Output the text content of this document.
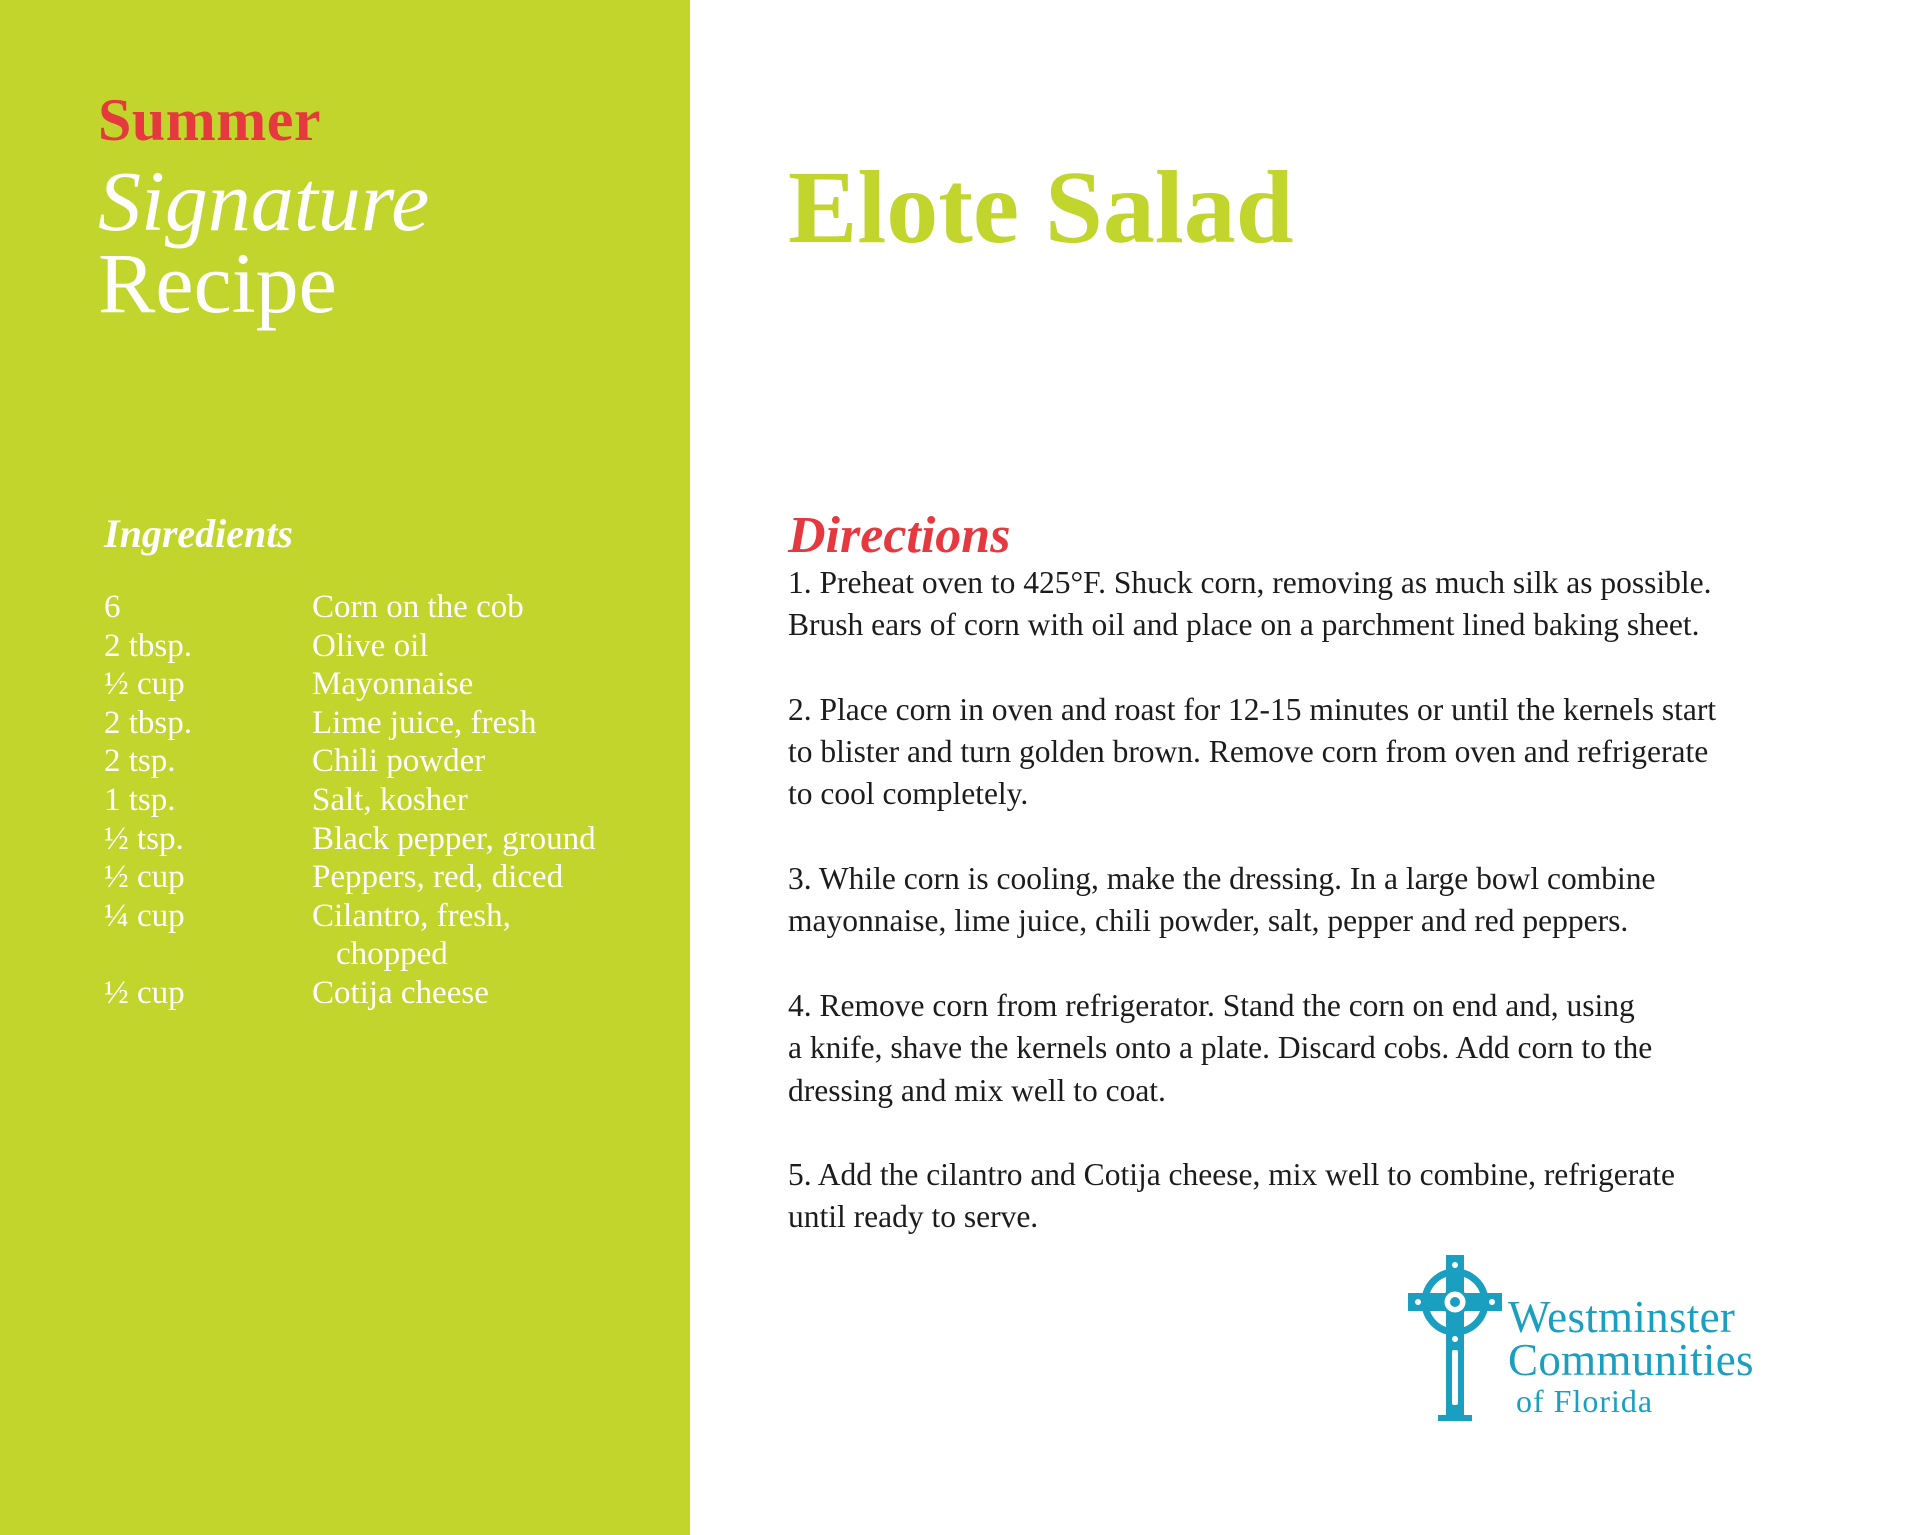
Summer
Signature
Recipe
Ingredients
6	Corn on the cob
2 tbsp.	Olive oil
½ cup	Mayonnaise
2 tbsp.	Lime juice, fresh
2 tsp.	Chili powder
1 tsp.	Salt, kosher
½ tsp.	Black pepper, ground
½ cup	Peppers, red, diced
¼ cup	Cilantro, fresh,
chopped
½ cup	Cotija cheese
Elote Salad
Directions

1. Preheat oven to 425°F. Shuck corn, removing as much silk as possible.
Brush ears of corn with oil and place on a parchment lined baking sheet.

2. Place corn in oven and roast for 12-15 minutes or until the kernels start
to blister and turn golden brown. Remove corn from oven and refrigerate
to cool completely.

3. While corn is cooling, make the dressing. In a large bowl combine
mayonnaise, lime juice, chili powder, salt, pepper and red peppers.

4. Remove corn from refrigerator. Stand the corn on end and, using
a knife, shave the kernels onto a plate. Discard cobs. Add corn to the
dressing and mix well to coat.

5. Add the cilantro and Cotija cheese, mix well to combine, refrigerate
until ready to serve.

Westminster
Communities
of Florida
